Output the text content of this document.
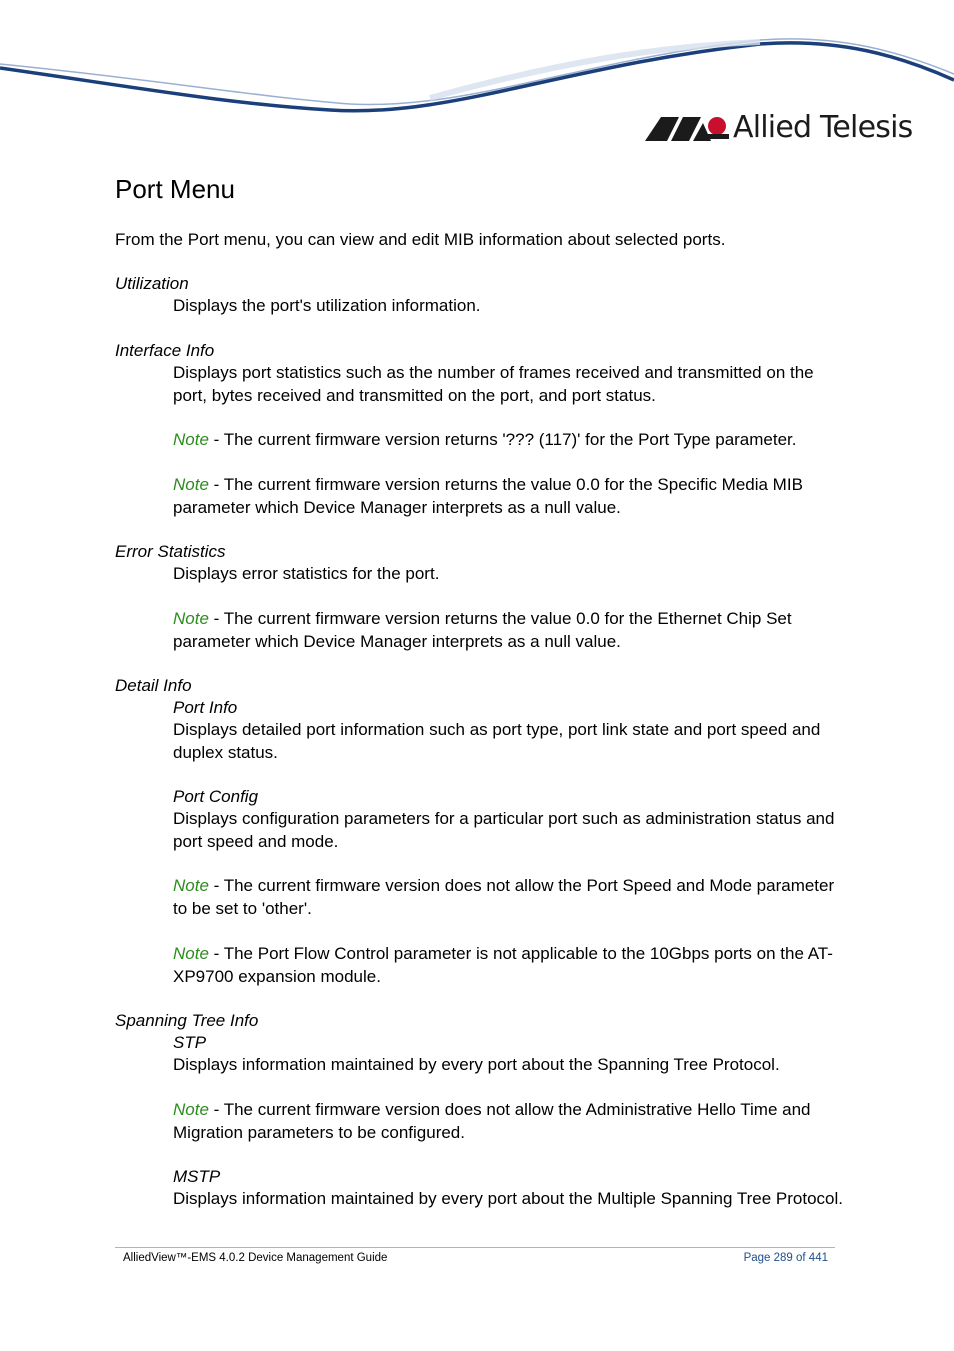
Allied Telesis
Port Menu
From the Port menu, you can view and edit MIB information about selected ports.
Utilization
Displays the port's utilization information.
Interface Info
Displays port statistics such as the number of frames received and transmitted on the port, bytes received and transmitted on the port, and port status.
Note - The current firmware version returns '??? (117)' for the Port Type parameter.
Note - The current firmware version returns the value 0.0 for the Specific Media MIB parameter which Device Manager interprets as a null value.
Error Statistics
Displays error statistics for the port.
Note - The current firmware version returns the value 0.0 for the Ethernet Chip Set parameter which Device Manager interprets as a null value.
Detail Info
Port Info
Displays detailed port information such as port type, port link state and port speed and duplex status.
Port Config
Displays configuration parameters for a particular port such as administration status and port speed and mode.
Note - The current firmware version does not allow the Port Speed and Mode parameter to be set to 'other'.
Note - The Port Flow Control parameter is not applicable to the 10Gbps ports on the AT-XP9700 expansion module.
Spanning Tree Info
STP
Displays information maintained by every port about the Spanning Tree Protocol.
Note - The current firmware version does not allow the Administrative Hello Time and Migration parameters to be configured.
MSTP
Displays information maintained by every port about the Multiple Spanning Tree Protocol.
AlliedView™-EMS 4.0.2 Device Management Guide	Page 289 of 441
